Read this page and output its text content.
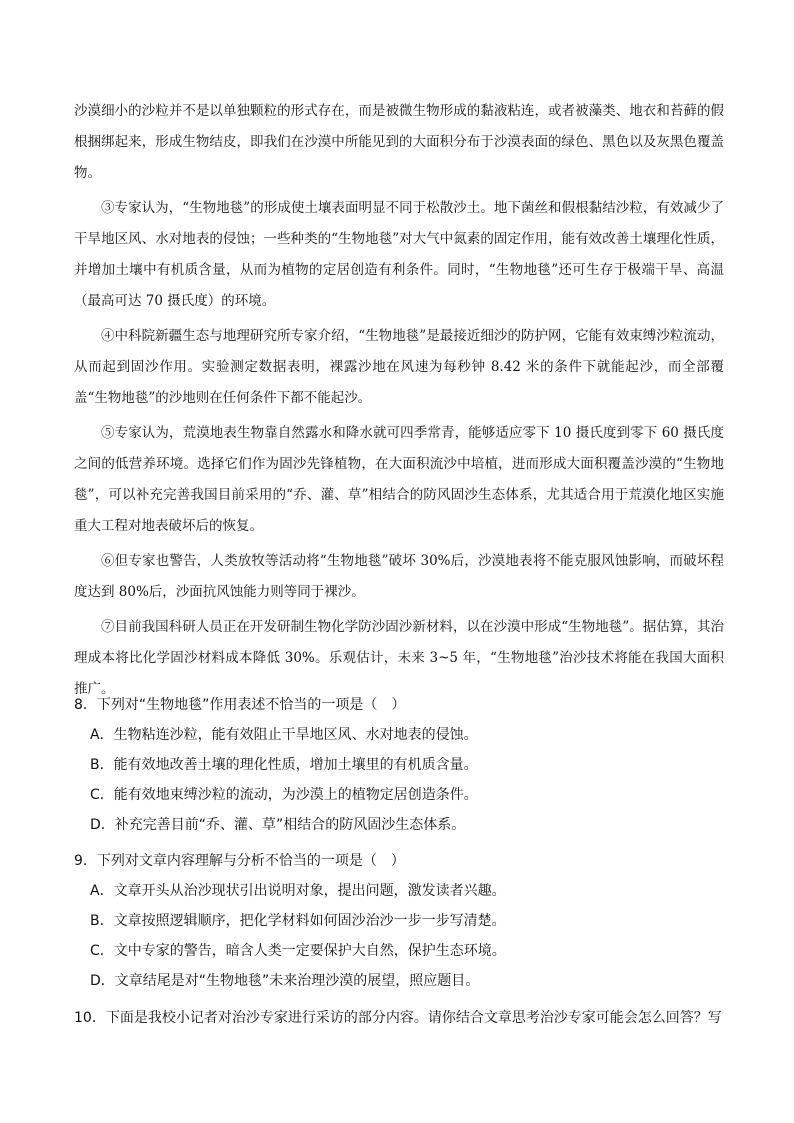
沙漠细小的沙粒并不是以单独颗粒的形式存在，而是被微生物形成的黏液粘连，或者被藻类、地衣和苔藓的假根捆绑起来，形成生物结皮，即我们在沙漠中所能见到的大面积分布于沙漠表面的绿色、黑色以及灰黑色覆盖物。

③专家认为，“生物地毯”的形成使土壤表面明显不同于松散沙土。地下菌丝和假根黏结沙粒，有效减少了干旱地区风、水对地表的侵蚀；一些种类的“生物地毯”对大气中氮素的固定作用，能有效改善土壤理化性质，并增加土壤中有机质含量，从而为植物的定居创造有利条件。同时，“生物地毯”还可生存于极端干旱、高温（最高可达 70 摄氏度）的环境。

④中科院新疆生态与地理研究所专家介绍，“生物地毯”是最接近细沙的防护网，它能有效束缚沙粒流动，从而起到固沙作用。实验测定数据表明，裸露沙地在风速为每秒钟 8.42 米的条件下就能起沙，而全部覆盖“生物地毯”的沙地则在任何条件下都不能起沙。

⑤专家认为，荒漠地表生物靠自然露水和降水就可四季常青，能够适应零下 10 摄氏度到零下 60 摄氏度之间的低营养环境。选择它们作为固沙先锋植物，在大面积流沙中培植，进而形成大面积覆盖沙漠的“生物地毯”，可以补充完善我国目前采用的“乔、灌、草”相结合的防风固沙生态体系，尤其适合用于荒漠化地区实施重大工程对地表破坏后的恢复。

⑥但专家也警告，人类放牧等活动将“生物地毯”破坏 30%后，沙漠地表将不能克服风蚀影响，而破坏程度达到 80%后，沙面抗风蚀能力则等同于裸沙。

⑦目前我国科研人员正在开发研制生物化学防沙固沙新材料，以在沙漠中形成“生物地毯”。据估算，其治理成本将比化学固沙材料成本降低 30%。乐观估计，未来 3~5 年，“生物地毯”治沙技术将能在我国大面积推广。

8．下列对“生物地毯”作用表述不恰当的一项是（　）

A．生物粘连沙粒，能有效阻止干旱地区风、水对地表的侵蚀。

B．能有效地改善土壤的理化性质，增加土壤里的有机质含量。

C．能有效地束缚沙粒的流动，为沙漠上的植物定居创造条件。

D．补充完善目前“乔、灌、草”相结合的防风固沙生态体系。

9．下列对文章内容理解与分析不恰当的一项是（　）

A．文章开头从治沙现状引出说明对象，提出问题，激发读者兴趣。

B．文章按照逻辑顺序，把化学材料如何固沙治沙一步一步写清楚。

C．文中专家的警告，暗含人类一定要保护大自然，保护生态环境。

D．文章结尾是对“生物地毯”未来治理沙漠的展望，照应题目。

10．下面是我校小记者对治沙专家进行采访的部分内容。请你结合文章思考治沙专家可能会怎么回答？写
